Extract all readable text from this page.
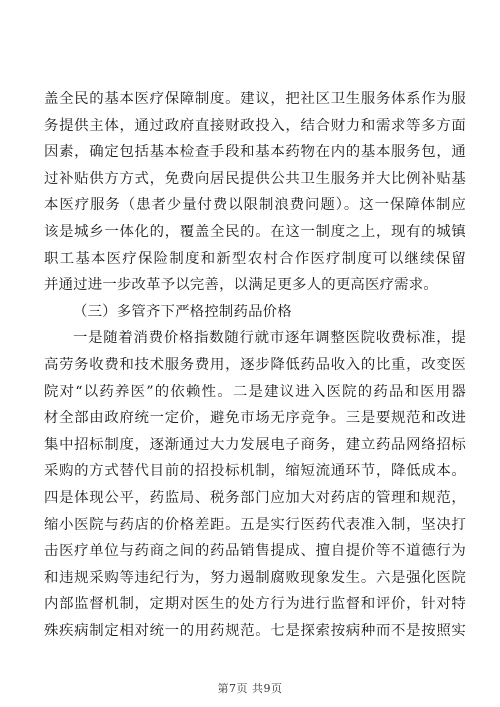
盖全民的基本医疗保障制度。建议，把社区卫生服务体系作为服
务提供主体，通过政府直接财政投入，结合财力和需求等多方面
因素，确定包括基本检查手段和基本药物在内的基本服务包，通
过补贴供方方式，免费向居民提供公共卫生服务并大比例补贴基
本医疗服务（患者少量付费以限制浪费问题）。这一保障体制应
该是城乡一体化的，覆盖全民的。在这一制度之上，现有的城镇
职工基本医疗保险制度和新型农村合作医疗制度可以继续保留
并通过进一步改革予以完善，以满足更多人的更高医疗需求。
（三）多管齐下严格控制药品价格
一是随着消费价格指数随行就市逐年调整医院收费标准，提
高劳务收费和技术服务费用，逐步降低药品收入的比重，改变医
院对“以药养医”的依赖性。二是建议进入医院的药品和医用器
材全部由政府统一定价，避免市场无序竞争。三是要规范和改进
集中招标制度，逐渐通过大力发展电子商务，建立药品网络招标
采购的方式替代目前的招投标机制，缩短流通环节，降低成本。
四是体现公平，药监局、税务部门应加大对药店的管理和规范，
缩小医院与药店的价格差距。五是实行医药代表准入制，坚决打
击医疗单位与药商之间的药品销售提成、擅自提价等不道德行为
和违规采购等违纪行为，努力遏制腐败现象发生。六是强化医院
内部监督机制，定期对医生的处方行为进行监督和评价，针对特
殊疾病制定相对统一的用药规范。七是探索按病种而不是按照实
第7页 共9页
